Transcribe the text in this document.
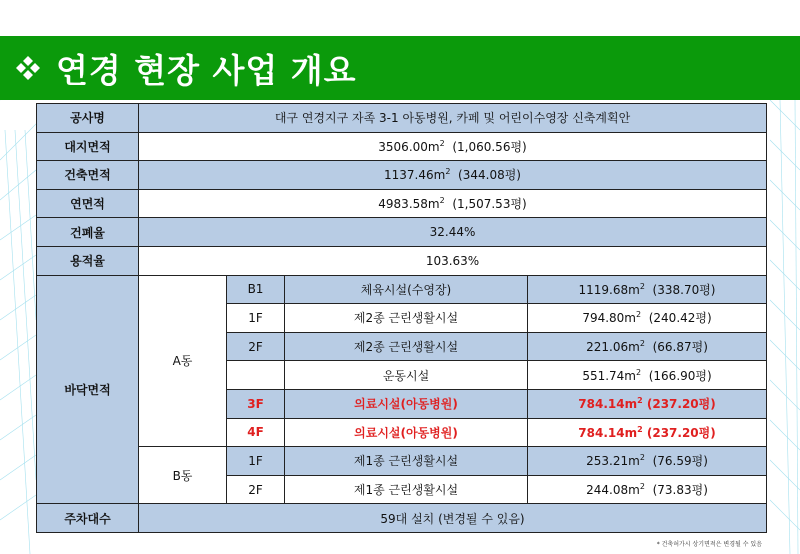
연경 현장 사업 개요
공사명	대구 연경지구 자족 3-1 아동병원, 카페 및 어린이수영장 신축계획안			
대지면적	$3506.00m^2$ (1,060.56평)			
건축면적	$1137.46m^2$ (344.08평)			
연면적	$4983.58m^2$ (1,507.53평)			
건폐율	32.44%			
용적율	103.63%			
바닥면적	A동	B1	체육시설(수영장)	$1119.68m^2$ (338.70평)
		1F	제2종 근린생활시설	$794.80m^2$ (240.42평)
		2F	제2종 근린생활시설	$221.06m^2$ (66.87평)
			운동시설	$551.74m^2$ (166.90평)
		3F	의료시설(아동병원)	$784.14m^2$ (237.20평)
		4F	의료시설(아동병원)	$784.14m^2$ (237.20평)
	B동	1F	제1종 근린생활시설	$253.21m^2$ (76.59평)
		2F	제1종 근린생활시설	$244.08m^2$ (73.83평)
주차대수	59대 설치 (변경될 수 있음)			
* 건축허가시 상기면적은 변경될 수 있음
